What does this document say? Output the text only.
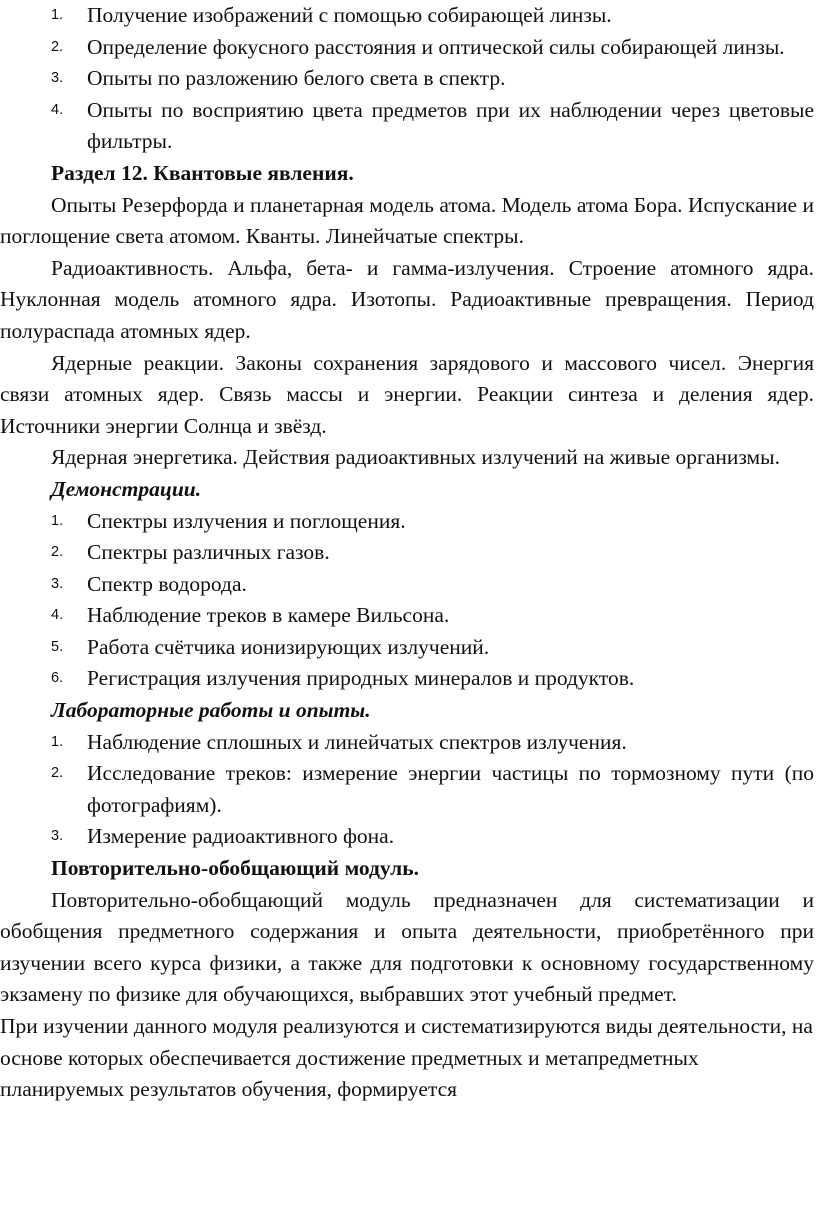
1. Получение изображений с помощью собирающей линзы.
2. Определение фокусного расстояния и оптической силы собирающей линзы.
3. Опыты по разложению белого света в спектр.
4. Опыты по восприятию цвета предметов при их наблюдении через цветовые фильтры.

Раздел 12. Квантовые явления.

Опыты Резерфорда и планетарная модель атома. Модель атома Бора. Испускание и поглощение света атомом. Кванты. Линейчатые спектры.

Радиоактивность. Альфа, бета- и гамма-излучения. Строение атомного ядра. Нуклонная модель атомного ядра. Изотопы. Радиоактивные превращения. Период полураспада атомных ядер.

Ядерные реакции. Законы сохранения зарядового и массового чисел. Энергия связи атомных ядер. Связь массы и энергии. Реакции синтеза и деления ядер. Источники энергии Солнца и звёзд.

Ядерная энергетика. Действия радиоактивных излучений на живые организмы.

Демонстрации.

1. Спектры излучения и поглощения.
2. Спектры различных газов.
3. Спектр водорода.
4. Наблюдение треков в камере Вильсона.
5. Работа счётчика ионизирующих излучений.
6. Регистрация излучения природных минералов и продуктов.

Лабораторные работы и опыты.

1. Наблюдение сплошных и линейчатых спектров излучения.
2. Исследование треков: измерение энергии частицы по тормозному пути (по фотографиям).
3. Измерение радиоактивного фона.

Повторительно-обобщающий модуль.

Повторительно-обобщающий модуль предназначен для систематизации и обобщения предметного содержания и опыта деятельности, приобретённого при изучении всего курса физики, а также для подготовки к основному государственному экзамену по физике для обучающихся, выбравших этот учебный предмет.

При изучении данного модуля реализуются и систематизируются виды деятельности, на основе которых обеспечивается достижение предметных и метапредметных планируемых результатов обучения, формируется
